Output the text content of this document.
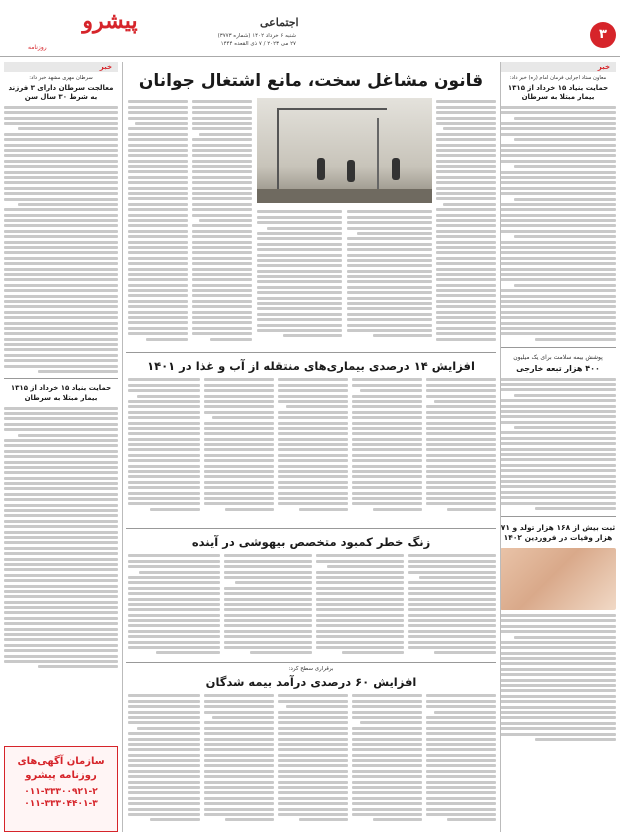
۳
اجتماعی
پیشرو
روزنامه
شنبه ۶ خرداد ۱۴۰۲ (شماره ۳۷۷۳)
۲۷ می ۲۰۲۳ / ۷ ذی القعده ۱۴۴۴
خبر
معاون ستاد اجرایی فرمان امام (ره) خبر داد:
حمایت بنیاد ۱۵ خرداد از ۱۳۱۵ بیمار مبتلا به سرطان
پوشش بیمه سلامت برای یک میلیون
۴۰۰ هزار تبعه خارجی
ثبت بیش از ۱۶۸ هزار تولد و ۷۱ هزار وفیات در فروردین ۱۴۰۲
قانون مشاغل سخت، مانع اشتغال جوانان
افزایش ۱۴ درصدی بیماری‌های منتقله از آب و غذا در ۱۴۰۱
زنگ خطر کمبود متخصص بیهوشی در آینده
برقراری سطح کرد:
افزایش ۶۰ درصدی درآمد بیمه شدگان
خبر
سرطان مهری مشهد خبر داد:
معالجت سرطان دارای ۳ فرزند به شرط ۳۰ سال سن
حمایت بنیاد ۱۵ خرداد از ۱۳۱۵ بیمار مبتلا به سرطان
سازمان آگهی‌های روزنامه پیشرو
۰۱۱-۳۳۳۰۰۹۲۱-۲
۰۱۱-۳۳۳۰۴۴۰۱-۳
